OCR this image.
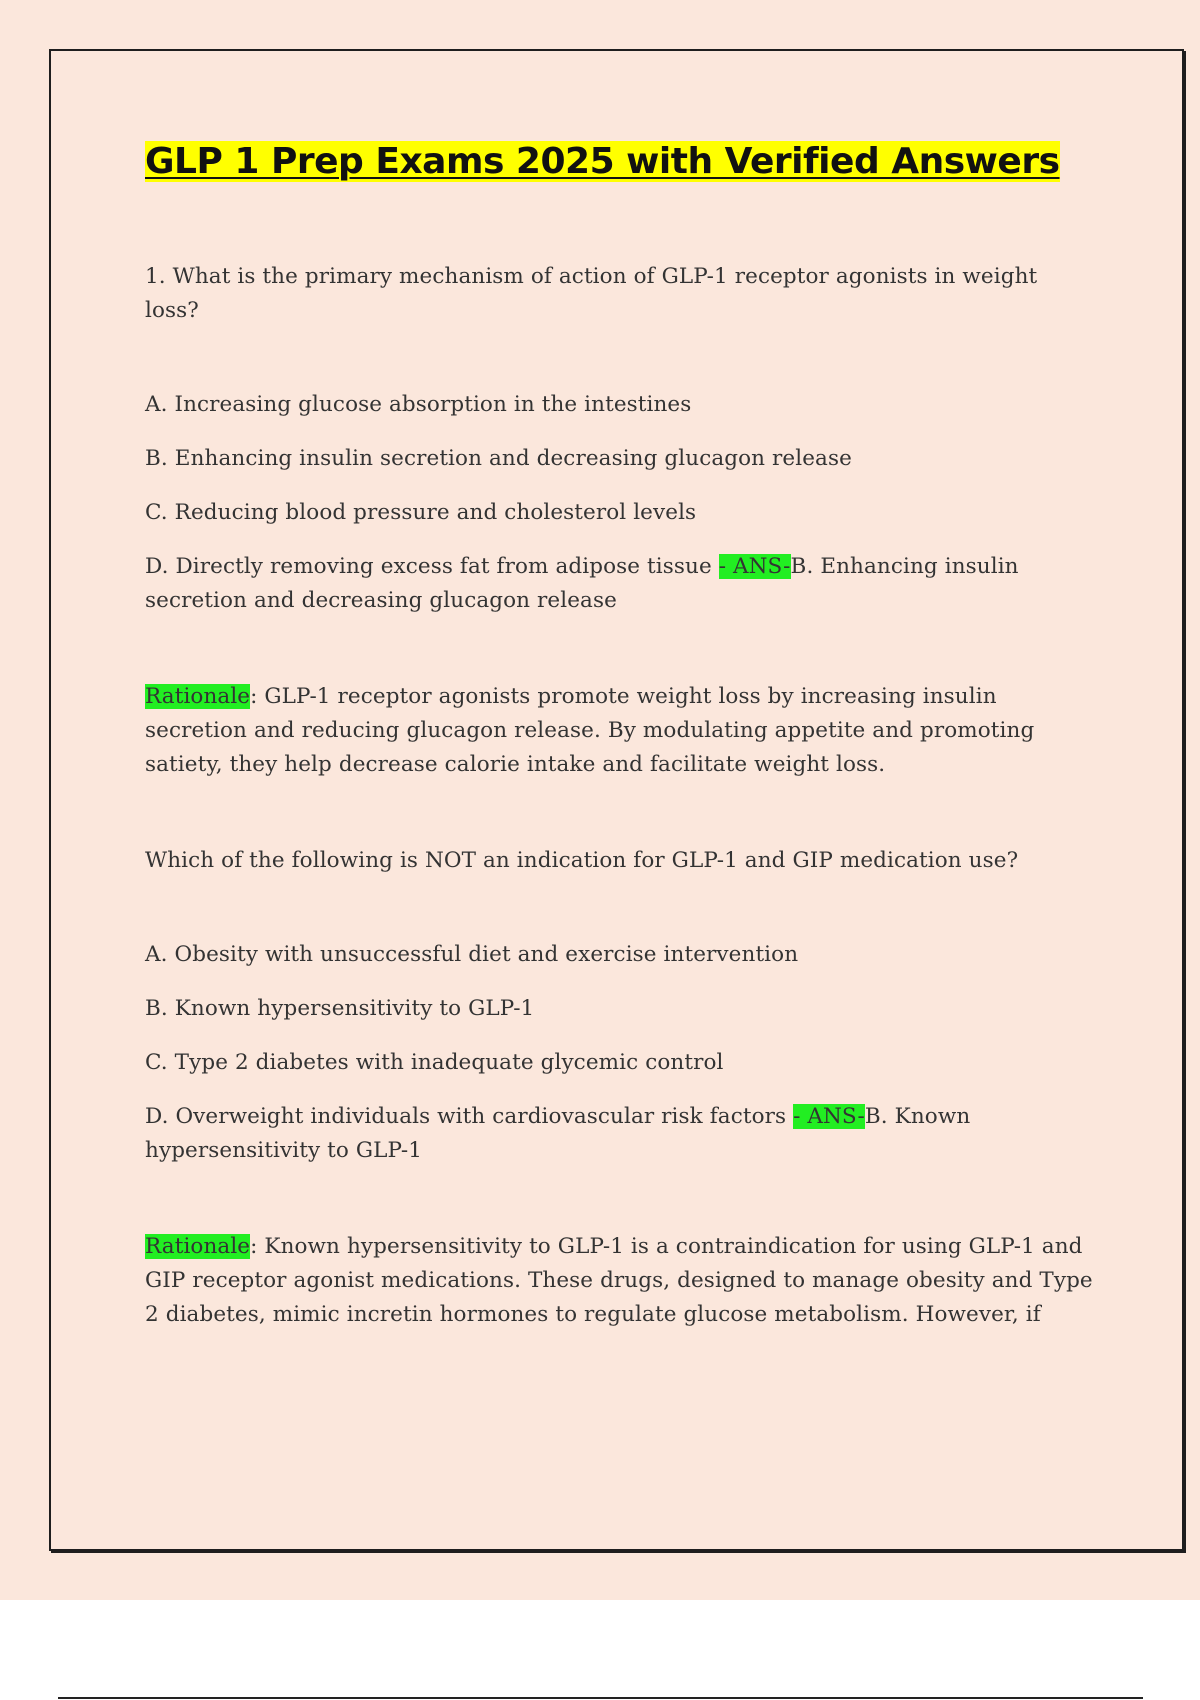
GLP 1 Prep Exams 2025 with Verified Answers

1. What is the primary mechanism of action of GLP-1 receptor agonists in weight loss?

A. Increasing glucose absorption in the intestines

B. Enhancing insulin secretion and decreasing glucagon release

C. Reducing blood pressure and cholesterol levels

D. Directly removing excess fat from adipose tissue - ANS-B. Enhancing insulin secretion and decreasing glucagon release

Rationale: GLP-1 receptor agonists promote weight loss by increasing insulin secretion and reducing glucagon release. By modulating appetite and promoting satiety, they help decrease calorie intake and facilitate weight loss.

Which of the following is NOT an indication for GLP-1 and GIP medication use?

A. Obesity with unsuccessful diet and exercise intervention

B. Known hypersensitivity to GLP-1

C. Type 2 diabetes with inadequate glycemic control

D. Overweight individuals with cardiovascular risk factors - ANS-B. Known hypersensitivity to GLP-1

Rationale: Known hypersensitivity to GLP-1 is a contraindication for using GLP-1 and GIP receptor agonist medications. These drugs, designed to manage obesity and Type 2 diabetes, mimic incretin hormones to regulate glucose metabolism. However, if
